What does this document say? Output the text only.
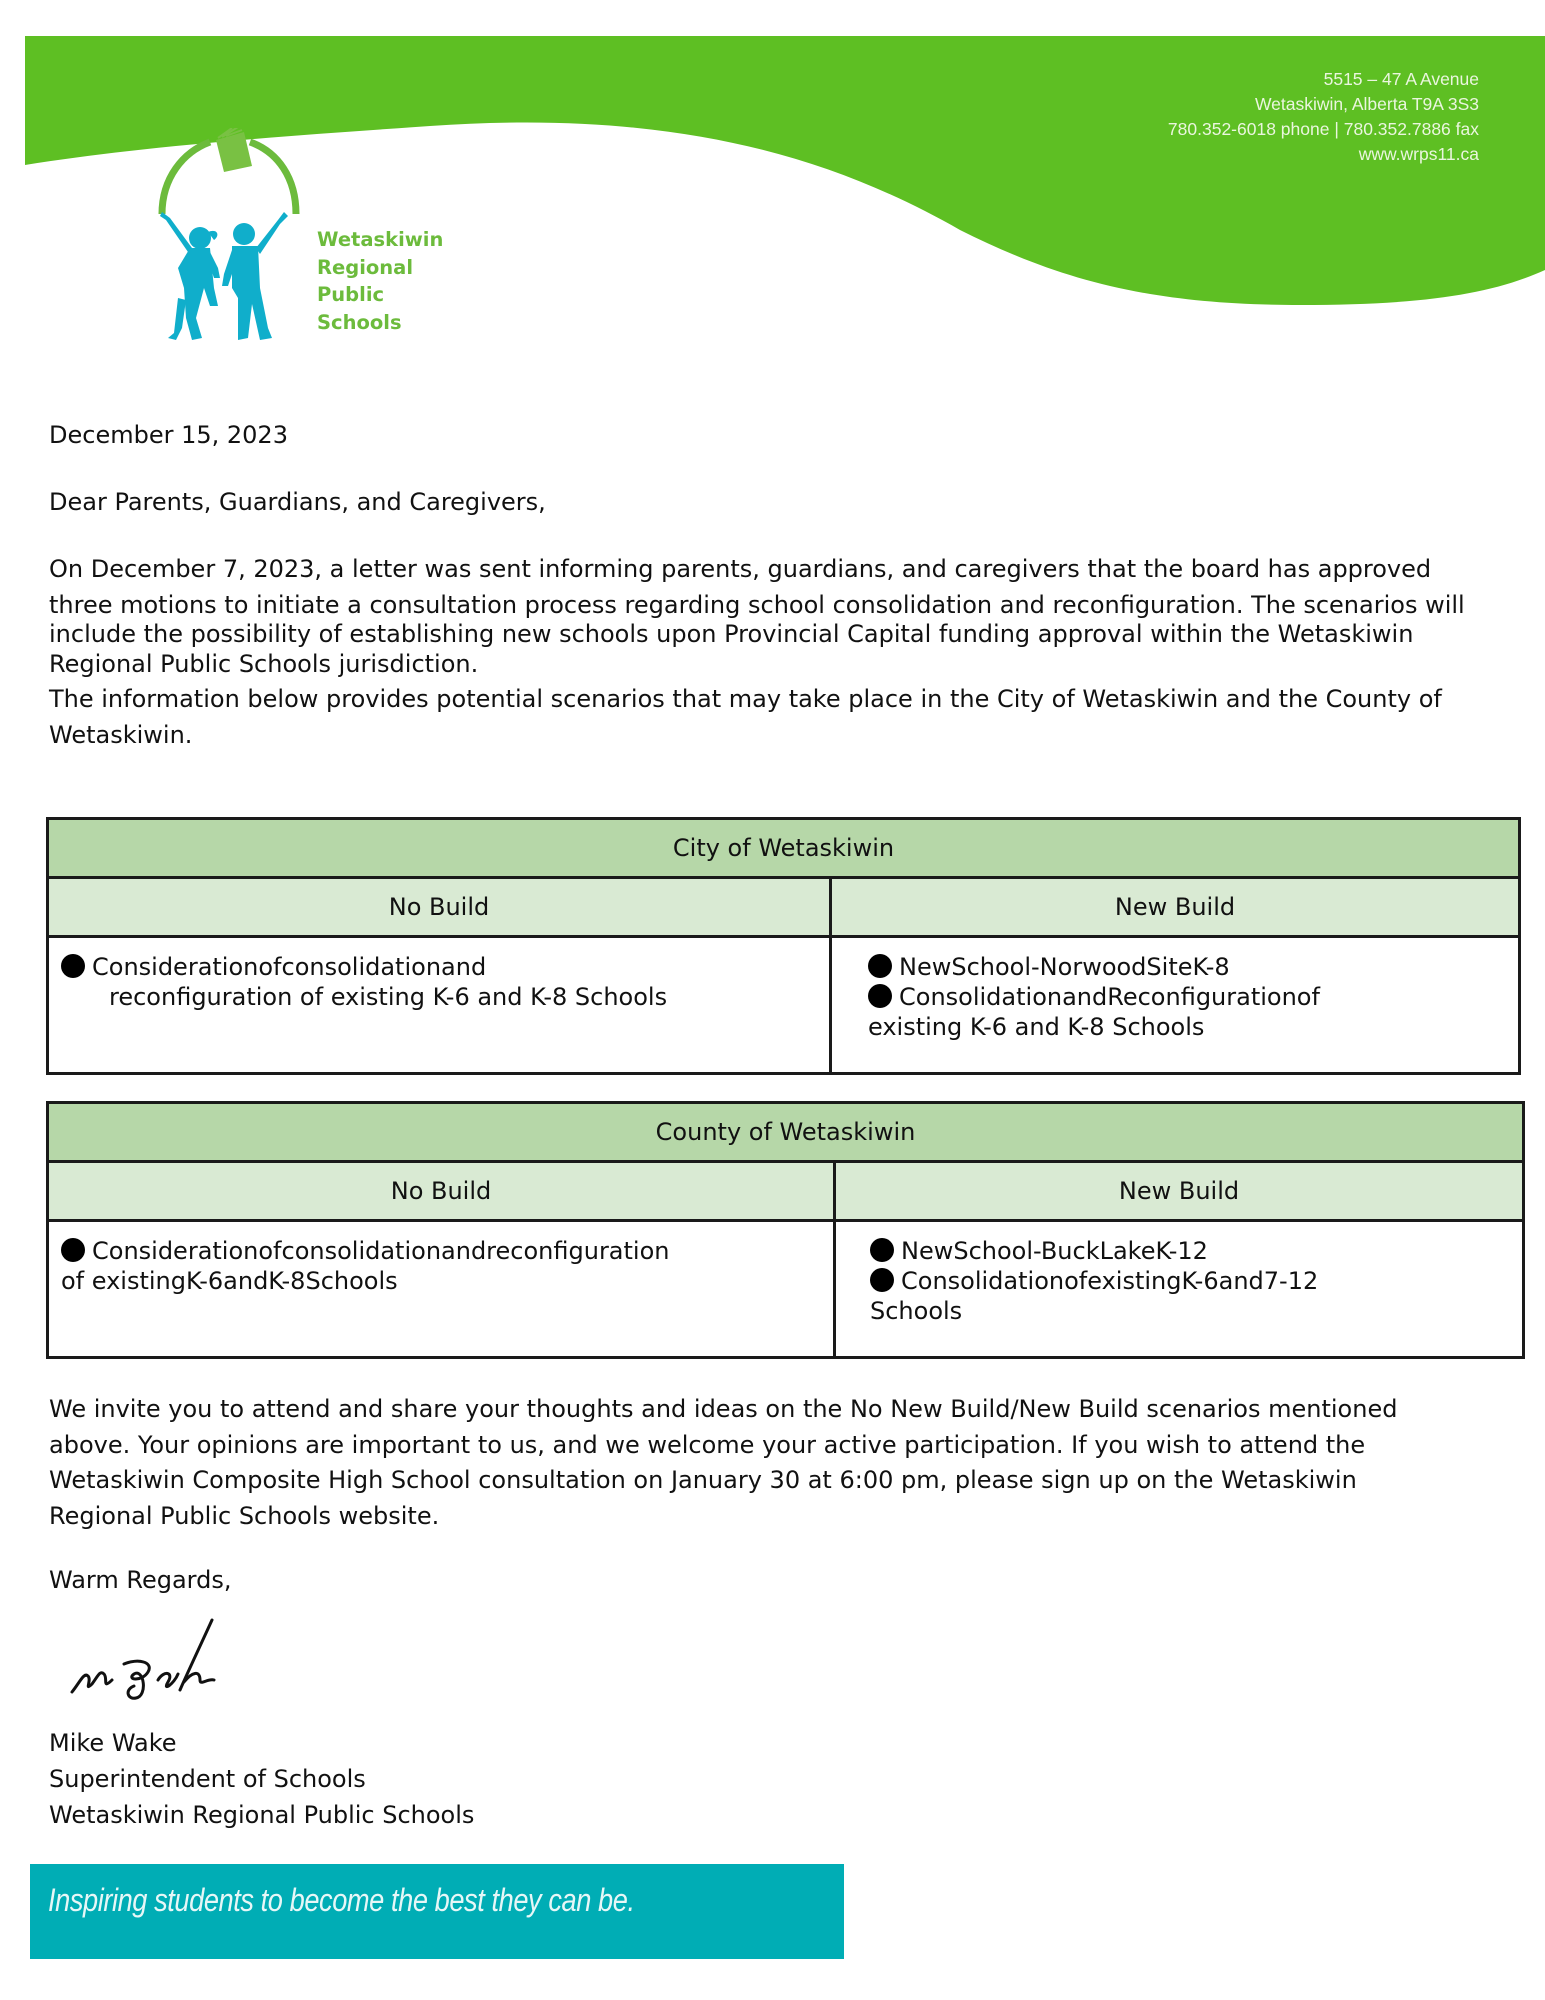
5515 – 47 A Avenue
Wetaskiwin, Alberta T9A 3S3
780.352-6018 phone | 780.352.7886 fax
www.wrps11.ca
Wetaskiwin
Regional
Public
Schools
December 15, 2023
Dear Parents, Guardians, and Caregivers,
On December 7, 2023, a letter was sent informing parents, guardians, and caregivers that the board has approved
three motions to initiate a consultation process regarding school consolidation and reconfiguration. The scenarios will
include the possibility of establishing new schools upon Provincial Capital funding approval within the Wetaskiwin
Regional Public Schools jurisdiction.
The information below provides potential scenarios that may take place in the City of Wetaskiwin and the County of
Wetaskiwin.
City of Wetaskiwin	
No Build	New Build

Considerationofconsolidationand
reconfiguration of existing K-6 and K-8 Schools	NewSchool-NorwoodSiteK-8
ConsolidationandReconfigurationof
existing K-6 and K-8 Schools
County of Wetaskiwin	
No Build	New Build

Considerationofconsolidationandreconfiguration
of existingK-6andK-8Schools	NewSchool-BuckLakeK-12
ConsolidationofexistingK-6and7-12
Schools
We invite you to attend and share your thoughts and ideas on the No New Build/New Build scenarios mentioned
above. Your opinions are important to us, and we welcome your active participation. If you wish to attend the
Wetaskiwin Composite High School consultation on January 30 at 6:00 pm, please sign up on the Wetaskiwin
Regional Public Schools website.
Warm Regards,
Mike Wake
Superintendent of Schools
Wetaskiwin Regional Public Schools
Inspiring students to become the best they can be.
